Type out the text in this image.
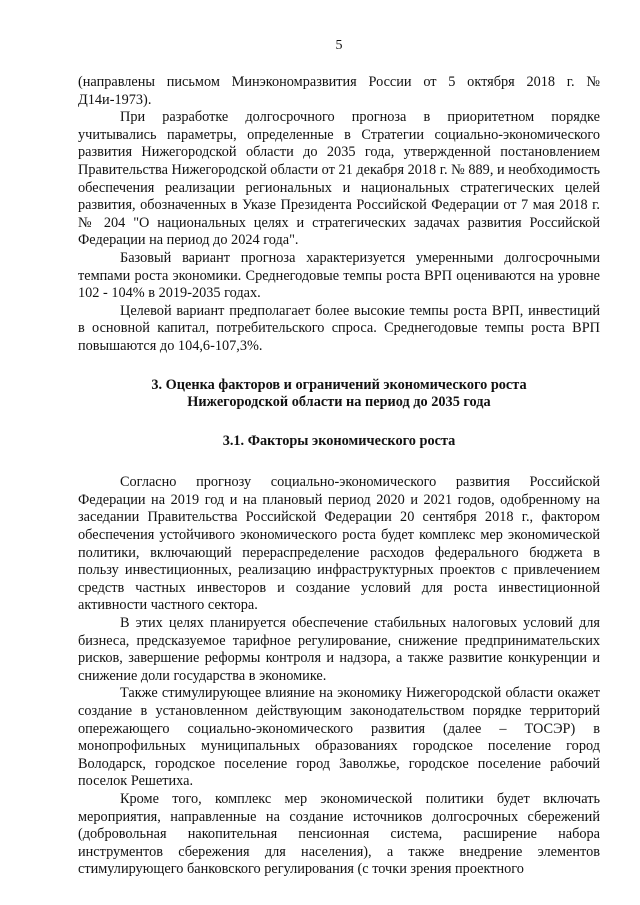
5

(направлены письмом Минэкономразвития России от 5 октября 2018 г. № Д14и-1973).

При разработке долгосрочного прогноза в приоритетном порядке учитывались параметры, определенные в Стратегии социально-экономического развития Нижегородской области до 2035 года, утвержденной постановлением Правительства Нижегородской области от 21 декабря 2018 г. № 889, и необходимость обеспечения реализации региональных и национальных стратегических целей развития, обозначенных в Указе Президента Российской Федерации от 7 мая 2018 г. № 204 "О национальных целях и стратегических задачах развития Российской Федерации на период до 2024 года".

Базовый вариант прогноза характеризуется умеренными долгосрочными темпами роста экономики. Среднегодовые темпы роста ВРП оцениваются на уровне 102 - 104% в 2019-2035 годах.

Целевой вариант предполагает более высокие темпы роста ВРП, инвестиций в основной капитал, потребительского спроса. Среднегодовые темпы роста ВРП повышаются до 104,6-107,3%.

3. Оценка факторов и ограничений экономического роста
Нижегородской области на период до 2035 года
3.1. Факторы экономического роста

Согласно прогнозу социально-экономического развития Российской Федерации на 2019 год и на плановый период 2020 и 2021 годов, одобренному на заседании Правительства Российской Федерации 20 сентября 2018 г., фактором обеспечения устойчивого экономического роста будет комплекс мер экономической политики, включающий перераспределение расходов федерального бюджета в пользу инвестиционных, реализацию инфраструктурных проектов с привлечением средств частных инвесторов и создание условий для роста инвестиционной активности частного сектора.

В этих целях планируется обеспечение стабильных налоговых условий для бизнеса, предсказуемое тарифное регулирование, снижение предпринимательских рисков, завершение реформы контроля и надзора, а также развитие конкуренции и снижение доли государства в экономике.

Также стимулирующее влияние на экономику Нижегородской области окажет создание в установленном действующим законодательством порядке территорий опережающего социально-экономического развития (далее – ТОСЭР) в монопрофильных муниципальных образованиях городское поселение город Володарск, городское поселение город Заволжье, городское поселение рабочий поселок Решетиха.

Кроме того, комплекс мер экономической политики будет включать мероприятия, направленные на создание источников долгосрочных сбережений (добровольная накопительная пенсионная система, расширение набора инструментов сбережения для населения), а также внедрение элементов стимулирующего банковского регулирования (с точки зрения проектного
